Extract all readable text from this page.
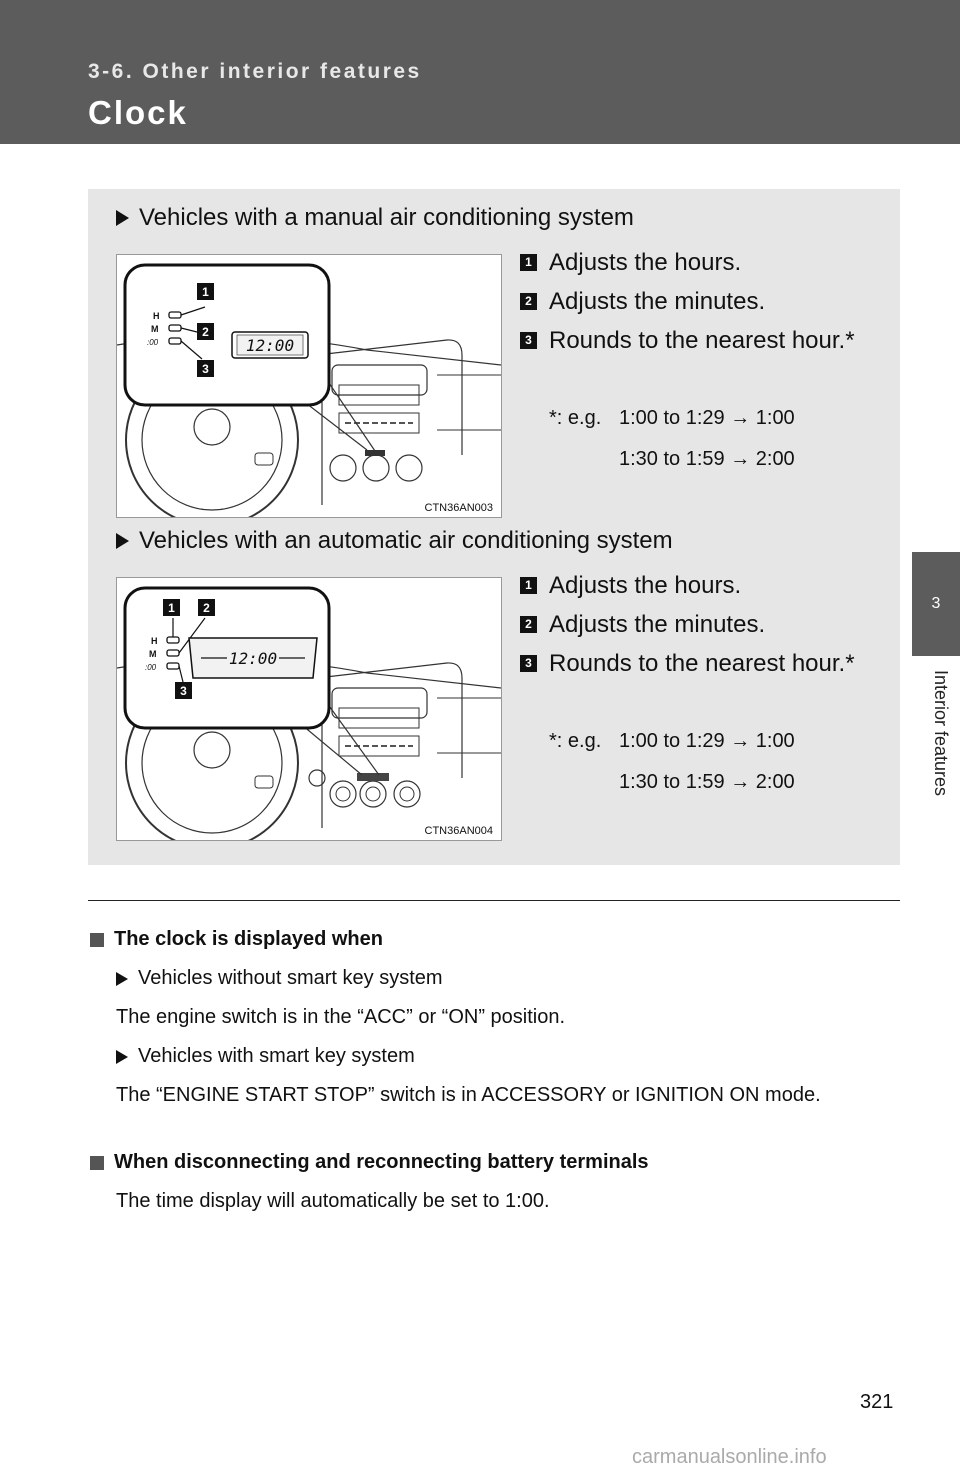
3-6. Other interior features
Clock
3
Interior features
Vehicles with a manual air conditioning system
H
M
:00
1
2
3
12:00
CTN36AN003
1 Adjusts the hours.
2 Adjusts the minutes.
3 Rounds to the nearest hour.*
*: e.g. 1:00 to 1:29 → 1:00
1:30 to 1:59 → 2:00
Vehicles with an automatic air conditioning system
H
M
:00
1 2
3
12:00
CTN36AN004
1 Adjusts the hours.
2 Adjusts the minutes.
3 Rounds to the nearest hour.*
*: e.g. 1:00 to 1:29 → 1:00
1:30 to 1:59 → 2:00
The clock is displayed when
Vehicles without smart key system
The engine switch is in the “ACC” or “ON” position.
Vehicles with smart key system
The “ENGINE START STOP” switch is in ACCESSORY or IGNITION ON mode.
When disconnecting and reconnecting battery terminals
The time display will automatically be set to 1:00.
321
carmanualsonline.info
